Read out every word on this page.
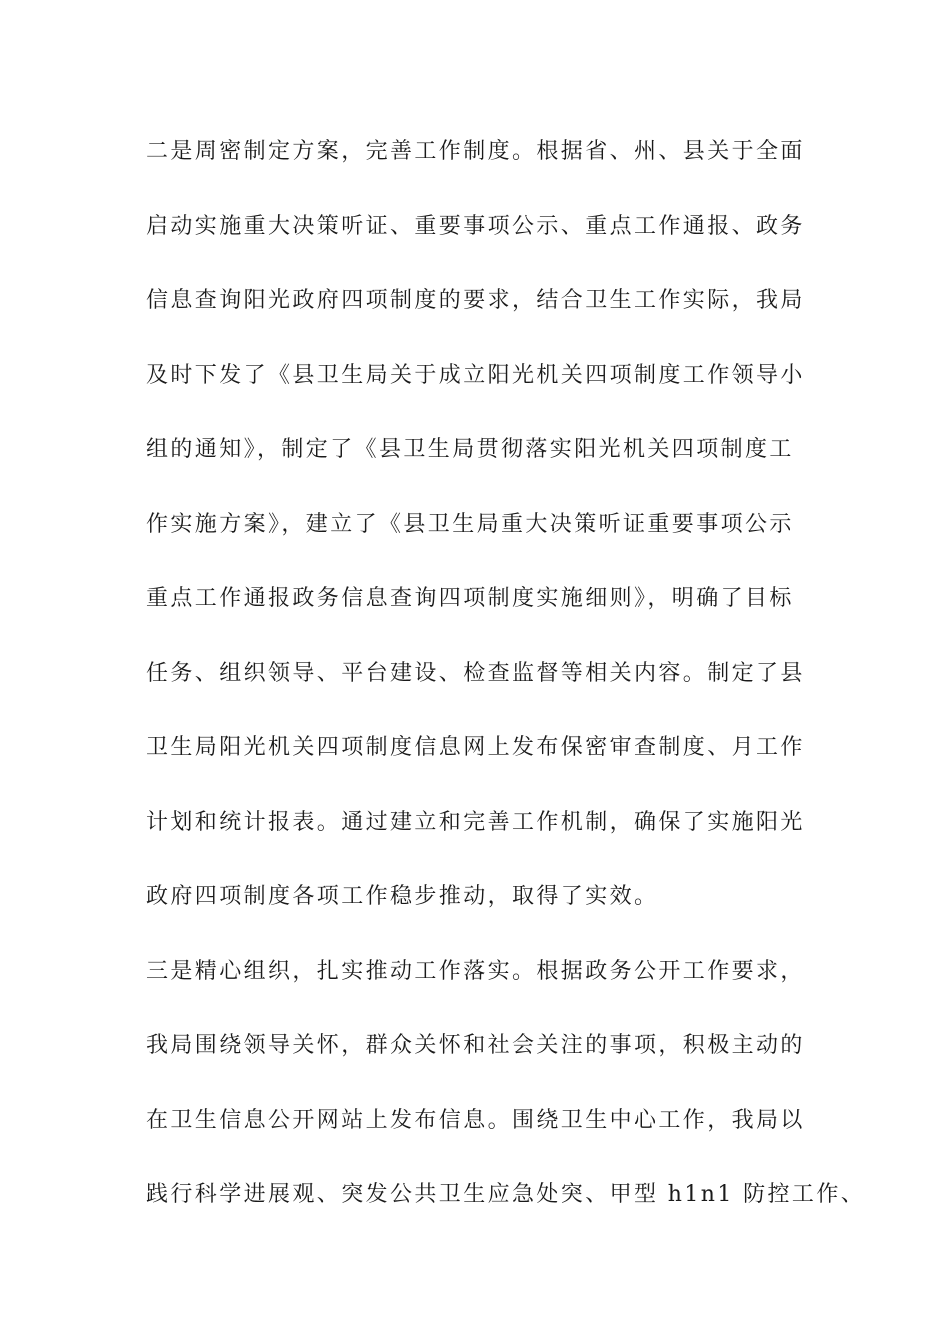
二是周密制定方案，完善工作制度。根据省、州、县关于全面
启动实施重大决策听证、重要事项公示、重点工作通报、政务
信息查询阳光政府四项制度的要求，结合卫生工作实际，我局
及时下发了《县卫生局关于成立阳光机关四项制度工作领导小
组的通知》，制定了《县卫生局贯彻落实阳光机关四项制度工
作实施方案》，建立了《县卫生局重大决策听证重要事项公示
重点工作通报政务信息查询四项制度实施细则》，明确了目标
任务、组织领导、平台建设、检查监督等相关内容。制定了县
卫生局阳光机关四项制度信息网上发布保密审查制度、月工作
计划和统计报表。通过建立和完善工作机制，确保了实施阳光
政府四项制度各项工作稳步推动，取得了实效。
三是精心组织，扎实推动工作落实。根据政务公开工作要求，
我局围绕领导关怀，群众关怀和社会关注的事项，积极主动的
在卫生信息公开网站上发布信息。围绕卫生中心工作，我局以
践行科学进展观、突发公共卫生应急处突、甲型 h1n1 防控工作、
